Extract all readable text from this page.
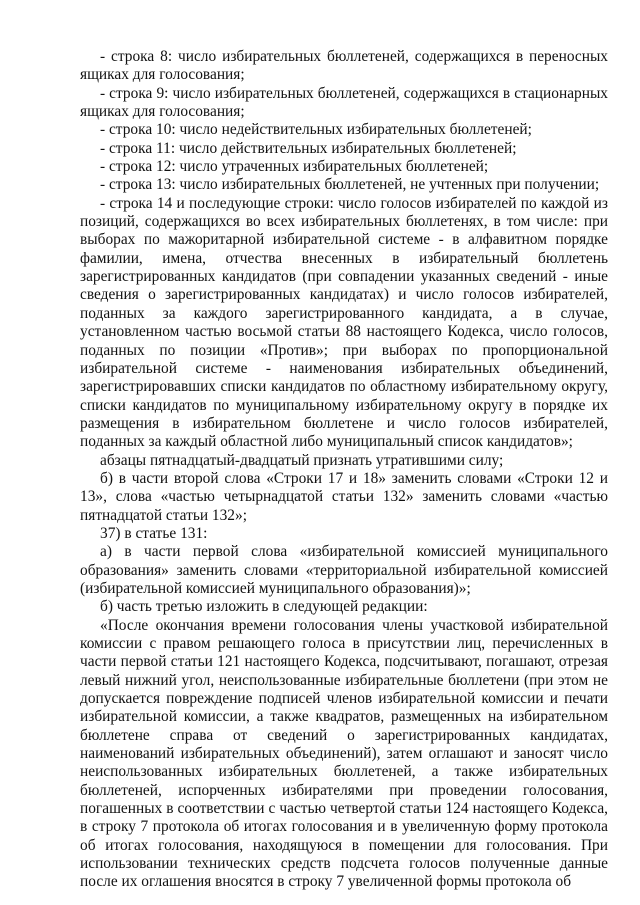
- строка 8: число избирательных бюллетеней, содержащихся в переносных ящиках для голосования;

- строка 9: число избирательных бюллетеней, содержащихся в стационарных ящиках для голосования;

- строка 10: число недействительных избирательных бюллетеней;

- строка 11: число действительных избирательных бюллетеней;

- строка 12: число утраченных избирательных бюллетеней;

- строка 13: число избирательных бюллетеней, не учтенных при получении;

- строка 14 и последующие строки: число голосов избирателей по каждой из позиций, содержащихся во всех избирательных бюллетенях, в том числе: при выборах по мажоритарной избирательной системе - в алфавитном порядке фамилии, имена, отчества внесенных в избирательный бюллетень зарегистрированных кандидатов (при совпадении указанных сведений - иные сведения о зарегистрированных кандидатах) и число голосов избирателей, поданных за каждого зарегистрированного кандидата, а в случае, установленном частью восьмой статьи 88 настоящего Кодекса, число голосов, поданных по позиции «Против»; при выборах по пропорциональной избирательной системе - наименования избирательных объединений, зарегистрировавших списки кандидатов по областному избирательному округу, списки кандидатов по муниципальному избирательному округу в порядке их размещения в избирательном бюллетене и число голосов избирателей, поданных за каждый областной либо муниципальный список кандидатов»;

абзацы пятнадцатый-двадцатый признать утратившими силу;

б) в части второй слова «Строки 17 и 18» заменить словами «Строки 12 и 13», слова «частью четырнадцатой статьи 132» заменить словами «частью пятнадцатой статьи 132»;

37) в статье 131:

а) в части первой слова «избирательной комиссией муниципального образования» заменить словами «территориальной избирательной комиссией (избирательной комиссией муниципального образования)»;

б) часть третью изложить в следующей редакции:

«После окончания времени голосования члены участковой избирательной комиссии с правом решающего голоса в присутствии лиц, перечисленных в части первой статьи 121 настоящего Кодекса, подсчитывают, погашают, отрезая левый нижний угол, неиспользованные избирательные бюллетени (при этом не допускается повреждение подписей членов избирательной комиссии и печати избирательной комиссии, а также квадратов, размещенных на избирательном бюллетене справа от сведений о зарегистрированных кандидатах, наименований избирательных объединений), затем оглашают и заносят число неиспользованных избирательных бюллетеней, а также избирательных бюллетеней, испорченных избирателями при проведении голосования, погашенных в соответствии с частью четвертой статьи 124 настоящего Кодекса, в строку 7 протокола об итогах голосования и в увеличенную форму протокола об итогах голосования, находящуюся в помещении для голосования. При использовании технических средств подсчета голосов полученные данные после их оглашения вносятся в строку 7 увеличенной формы протокола об
